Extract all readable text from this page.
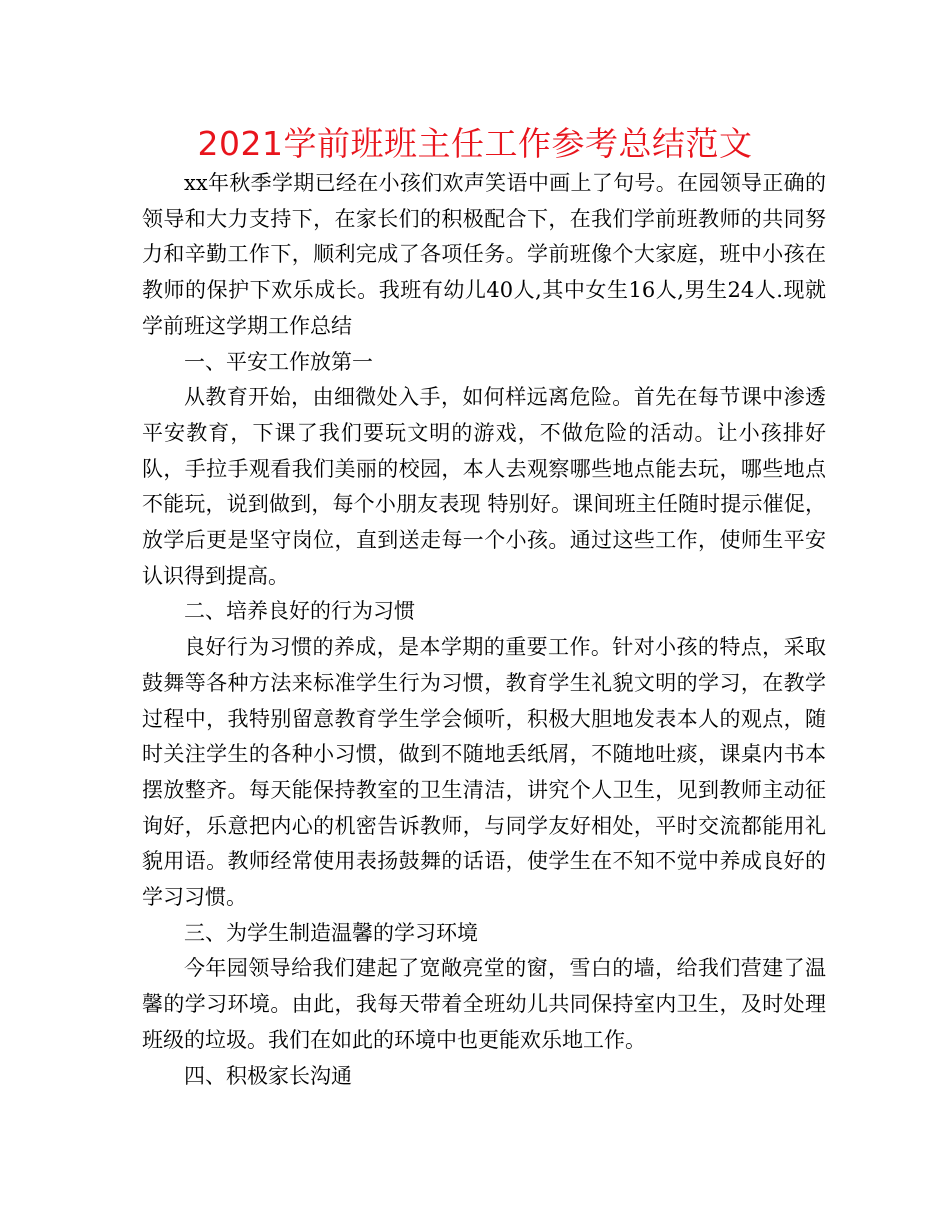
2021学前班班主任工作参考总结范文

xx年秋季学期已经在小孩们欢声笑语中画上了句号。在园领导正确的领导和大力支持下，在家长们的积极配合下，在我们学前班教师的共同努力和辛勤工作下，顺利完成了各项任务。学前班像个大家庭，班中小孩在教师的保护下欢乐成长。我班有幼儿40人,其中女生16人,男生24人.现就学前班这学期工作总结

一、平安工作放第一

从教育开始，由细微处入手，如何样远离危险。首先在每节课中渗透平安教育，下课了我们要玩文明的游戏，不做危险的活动。让小孩排好队，手拉手观看我们美丽的校园，本人去观察哪些地点能去玩，哪些地点不能玩，说到做到，每个小朋友表现 特别好。课间班主任随时提示催促，放学后更是坚守岗位，直到送走每一个小孩。通过这些工作，使师生平安认识得到提高。

二、培养良好的行为习惯

良好行为习惯的养成，是本学期的重要工作。针对小孩的特点，采取鼓舞等各种方法来标准学生行为习惯，教育学生礼貌文明的学习，在教学过程中，我特别留意教育学生学会倾听，积极大胆地发表本人的观点，随时关注学生的各种小习惯，做到不随地丢纸屑，不随地吐痰，课桌内书本摆放整齐。每天能保持教室的卫生清洁，讲究个人卫生，见到教师主动征询好，乐意把内心的机密告诉教师，与同学友好相处，平时交流都能用礼貌用语。教师经常使用表扬鼓舞的话语，使学生在不知不觉中养成良好的学习习惯。

三、为学生制造温馨的学习环境

今年园领导给我们建起了宽敞亮堂的窗，雪白的墙，给我们营建了温馨的学习环境。由此，我每天带着全班幼儿共同保持室内卫生，及时处理班级的垃圾。我们在如此的环境中也更能欢乐地工作。

四、积极家长沟通
